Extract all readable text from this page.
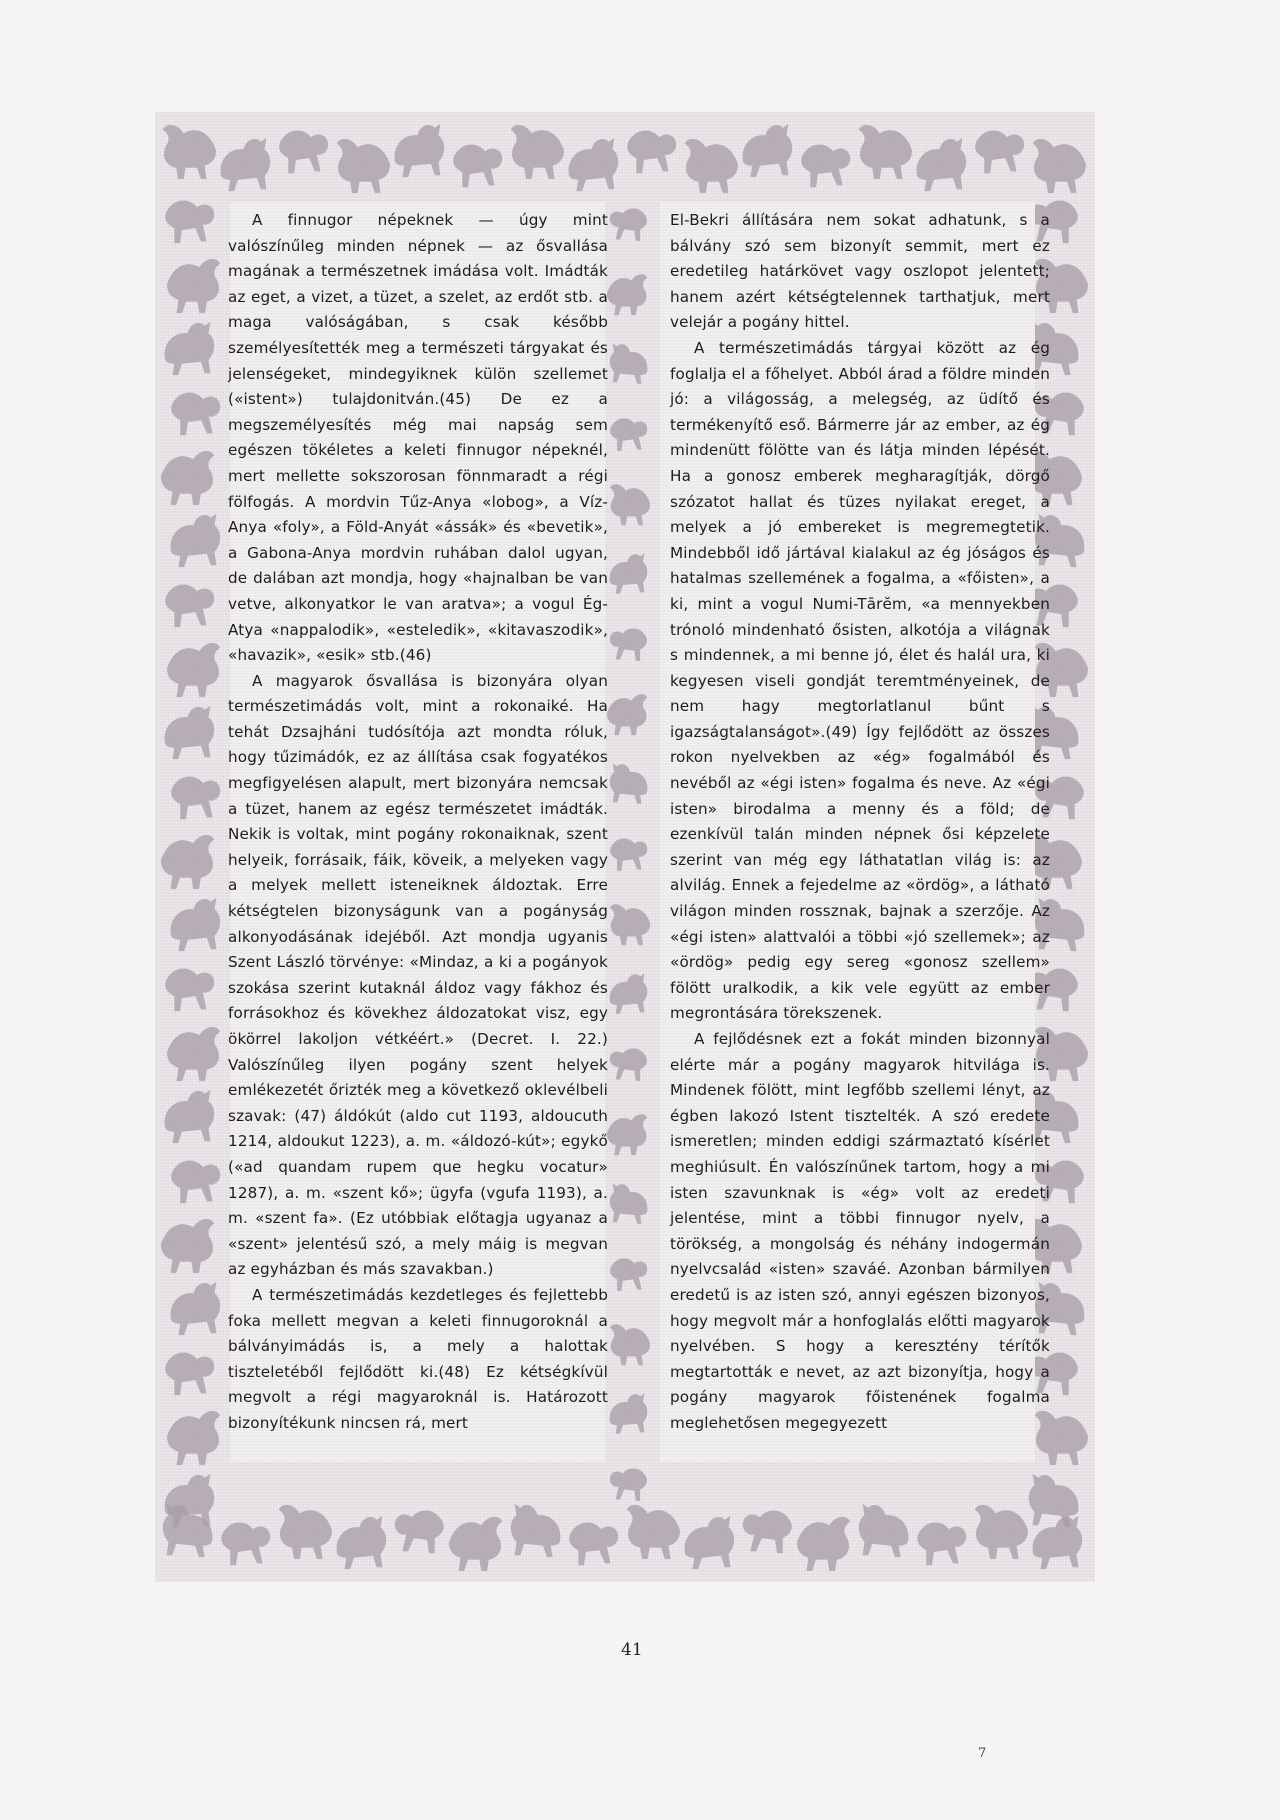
A finnugor népeknek — úgy mint valószínűleg minden népnek — az ősvallása magának a természetnek imádása volt. Imádták az eget, a vizet, a tüzet, a szelet, az erdőt stb. a maga valóságában, s csak később személyesítették meg a természeti tárgyakat és jelenségeket, mindegyiknek külön szellemet («istent») tulajdonitván.(45) De ez a megszemélyesítés még mai napság sem egészen tökéletes a keleti finnugor népeknél, mert mellette sokszorosan fönnmaradt a régi fölfogás. A mordvin Tűz-Anya «lobog», a Víz-Anya «foly», a Föld-Anyát «ássák» és «bevetik», a Gabona-Anya mordvin ruhában dalol ugyan, de dalában azt mondja, hogy «hajnalban be van vetve, alkonyatkor le van aratva»; a vogul Ég-Atya «nappalodik», «esteledik», «kitavaszodik», «havazik», «esik» stb.(46)

A magyarok ősvallása is bizonyára olyan természetimádás volt, mint a rokonaiké. Ha tehát Dzsajháni tudósítója azt mondta róluk, hogy tűzimádók, ez az állítása csak fogyatékos megfigyelésen alapult, mert bizonyára nemcsak a tüzet, hanem az egész természetet imádták. Nekik is voltak, mint pogány rokonaiknak, szent helyeik, forrásaik, fáik, köveik, a melyeken vagy a melyek mellett isteneiknek áldoztak. Erre kétségtelen bizonyságunk van a pogányság alkonyodásának idejéből. Azt mondja ugyanis Szent László törvénye: «Mindaz, a ki a pogányok szokása szerint kutaknál áldoz vagy fákhoz és forrásokhoz és kövekhez áldozatokat visz, egy ökörrel lakoljon vétkéért.» (Decret. I. 22.) Valószínűleg ilyen pogány szent helyek emlékezetét őrizték meg a következő oklevélbeli szavak: (47) áldókút (aldo cut 1193, aldoucuth 1214, aldoukut 1223), a. m. «áldozó-kút»; egykő («ad quandam rupem que hegku vocatur» 1287), a. m. «szent kő»; ügyfa (vgufa 1193), a. m. «szent fa». (Ez utóbbiak előtagja ugyanaz a «szent» jelentésű szó, a mely máig is megvan az egyházban és más szavakban.)

A természetimádás kezdetleges és fejlettebb foka mellett megvan a keleti finnugoroknál a bálványimádás is, a mely a halottak tiszteletéből fejlődött ki.(48) Ez kétségkívül megvolt a régi magyaroknál is. Határozott bizonyítékunk nincsen rá, mert

El-Bekri állítására nem sokat adhatunk, s a bálvány szó sem bizonyít semmit, mert ez eredetileg határkövet vagy oszlopot jelentett; hanem azért kétségtelennek tarthatjuk, mert velejár a pogány hittel.

A természetimádás tárgyai között az ég foglalja el a főhelyet. Abból árad a földre minden jó: a világosság, a melegség, az üdítő és termékenyítő eső. Bármerre jár az ember, az ég mindenütt fölötte van és látja minden lépését. Ha a gonosz emberek megharagítják, dörgő szózatot hallat és tüzes nyilakat ereget, a melyek a jó embereket is megremegtetik. Mindebből idő jártával kialakul az ég jóságos és hatalmas szellemének a fogalma, a «főisten», a ki, mint a vogul Numi-Tārĕm, «a mennyekben trónoló mindenható ősisten, alkotója a világnak s mindennek, a mi benne jó, élet és halál ura, ki kegyesen viseli gondját teremtményeinek, de nem hagy megtorlatlanul bűnt s igazságtalanságot».(49) Így fejlődött az összes rokon nyelvekben az «ég» fogalmából és nevéből az «égi isten» fogalma és neve. Az «égi isten» birodalma a menny és a föld; de ezenkívül talán minden népnek ősi képzelete szerint van még egy láthatatlan világ is: az alvilág. Ennek a fejedelme az «ördög», a látható világon minden rossznak, bajnak a szerzője. Az «égi isten» alattvalói a többi «jó szellemek»; az «ördög» pedig egy sereg «gonosz szellem» fölött uralkodik, a kik vele együtt az ember megrontására törekszenek.

A fejlődésnek ezt a fokát minden bizonnyal elérte már a pogány magyarok hitvilága is. Mindenek fölött, mint legfőbb szellemi lényt, az égben lakozó Istent tisztelték. A szó eredete ismeretlen; minden eddigi származtató kísérlet meghiúsult. Én valószínűnek tartom, hogy a mi isten szavunknak is «ég» volt az eredeti jelentése, mint a többi finnugor nyelv, a törökség, a mongolság és néhány indogermán nyelvcsalád «isten» szaváé. Azonban bármilyen eredetű is az isten szó, annyi egészen bizonyos, hogy megvolt már a honfoglalás előtti magyarok nyelvében. S hogy a keresztény térítők megtartották e nevet, az azt bizonyítja, hogy a pogány magyarok főistenének fogalma meglehetősen megegyezett

41
7
